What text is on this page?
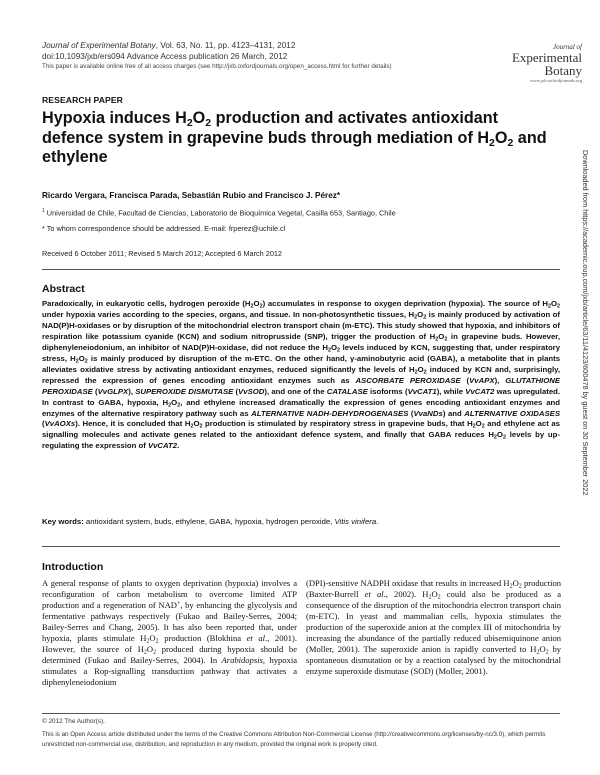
Journal of Experimental Botany, Vol. 63, No. 11, pp. 4123–4131, 2012
doi:10.1093/jxb/ers094 Advance Access publication 26 March, 2012
This paper is available online free of all access charges (see http://jxb.oxfordjournals.org/open_access.html for further details)
Journal of
Experimental
Botany
www.jxb.oxfordjournals.org
RESEARCH PAPER
Hypoxia induces $H_2O_2$ production and activates antioxidant defence system in grapevine buds through mediation of $H_2O_2$ and ethylene
Ricardo Vergara, Francisca Parada, Sebastián Rubio and Francisco J. Pérez*
$^1$ Universidad de Chile, Facultad de Ciencias, Laboratorio de Bioquímica Vegetal, Casilla 653, Santiago, Chile
* To whom correspondence should be addressed. E-mail: frperez@uchile.cl
Received 6 October 2011; Revised 5 March 2012; Accepted 6 March 2012
Abstract
Paradoxically, in eukaryotic cells, hydrogen peroxide $(H_2O_2)$ accumulates in response to oxygen deprivation (hypoxia). The source of $H_2O_2$ under hypoxia varies according to the species, organs, and tissue. In non-photosynthetic tissues, $H_2O_2$ is mainly produced by activation of NAD(P)H-oxidases or by disruption of the mitochondrial electron transport chain (m-ETC). This study showed that hypoxia, and inhibitors of respiration like potassium cyanide (KCN) and sodium nitroprusside (SNP), trigger the production of $H_2O_2$ in grapevine buds. However, diphenyleneiodonium, an inhibitor of NAD(P)H-oxidase, did not reduce the $H_2O_2$ levels induced by KCN, suggesting that, under respiratory stress, $H_2O_2$ is mainly produced by disruption of the m-ETC. On the other hand, γ-aminobutyric acid (GABA), a metabolite that in plants alleviates oxidative stress by activating antioxidant enzymes, reduced significantly the levels of $H_2O_2$ induced by KCN and, surprisingly, repressed the expression of genes encoding antioxidant enzymes such as ASCORBATE PEROXIDASE (VvAPX), GLUTATHIONE PEROXIDASE (VvGLPX), SUPEROXIDE DISMUTASE (VvSOD), and one of the CATALASE isoforms (VvCAT1), while VvCAT2 was upregulated. In contrast to GABA, hypoxia, $H_2O_2$, and ethylene increased dramatically the expression of genes encoding antioxidant enzymes and enzymes of the alternative respiratory pathway such as ALTERNATIVE NADH-DEHYDROGENASES (VvaNDs) and ALTERNATIVE OXIDASES (VvAOXs). Hence, it is concluded that $H_2O_2$ production is stimulated by respiratory stress in grapevine buds, that $H_2O_2$ and ethylene act as signalling molecules and activate genes related to the antioxidant defence system, and finally that GABA reduces $H_2O_2$ levels by up-regulating the expression of VvCAT2.
Key words: antioxidant system, buds, ethylene, GABA, hypoxia, hydrogen peroxide, Vitis vinifera.
Introduction
A general response of plants to oxygen deprivation (hypoxia) involves a reconfiguration of carbon metabolism to overcome limited ATP production and a regeneration of NAD+, by enhancing the glycolysis and fermentative pathways respectively (Fukao and Bailey-Serres, 2004; Bailey-Serres and Chang, 2005). It has also been reported that, under hypoxia, plants stimulate $H_2O_2$ production (Blokhina et al., 2001). However, the source of $H_2O_2$ produced during hypoxia should be determined (Fukao and Bailey-Serres, 2004). In Arabidopsis, hypoxia stimulates a Rop-signalling transduction pathway that activates a diphenyleneiodonium
(DPI)-sensitive NADPH oxidase that results in increased $H_2O_2$ production (Baxter-Burrell et al., 2002). $H_2O_2$ could also be produced as a consequence of the disruption of the mitochondria electron transport chain (m-ETC). In yeast and mammalian cells, hypoxia stimulates the production of the superoxide anion at the complex III of mitochondria by increasing the abundance of the partially reduced ubisemiquinone anion (Moller, 2001). The superoxide anion is rapidly converted to $H_2O_2$ by spontaneous dismutation or by a reaction catalysed by the mitochondrial enzyme superoxide dismutase (SOD) (Moller, 2001).
© 2012 The Author(s).
This is an Open Access article distributed under the terms of the Creative Commons Attribution Non-Commercial License (http://creativecommons.org/licenses/by-nc/3.0), which permits unrestricted non-commercial use, distribution, and reproduction in any medium, provided the original work is properly cited.
Downloaded from https://academic.oup.com/jxb/article/63/11/4123/600478 by guest on 30 September 2022
